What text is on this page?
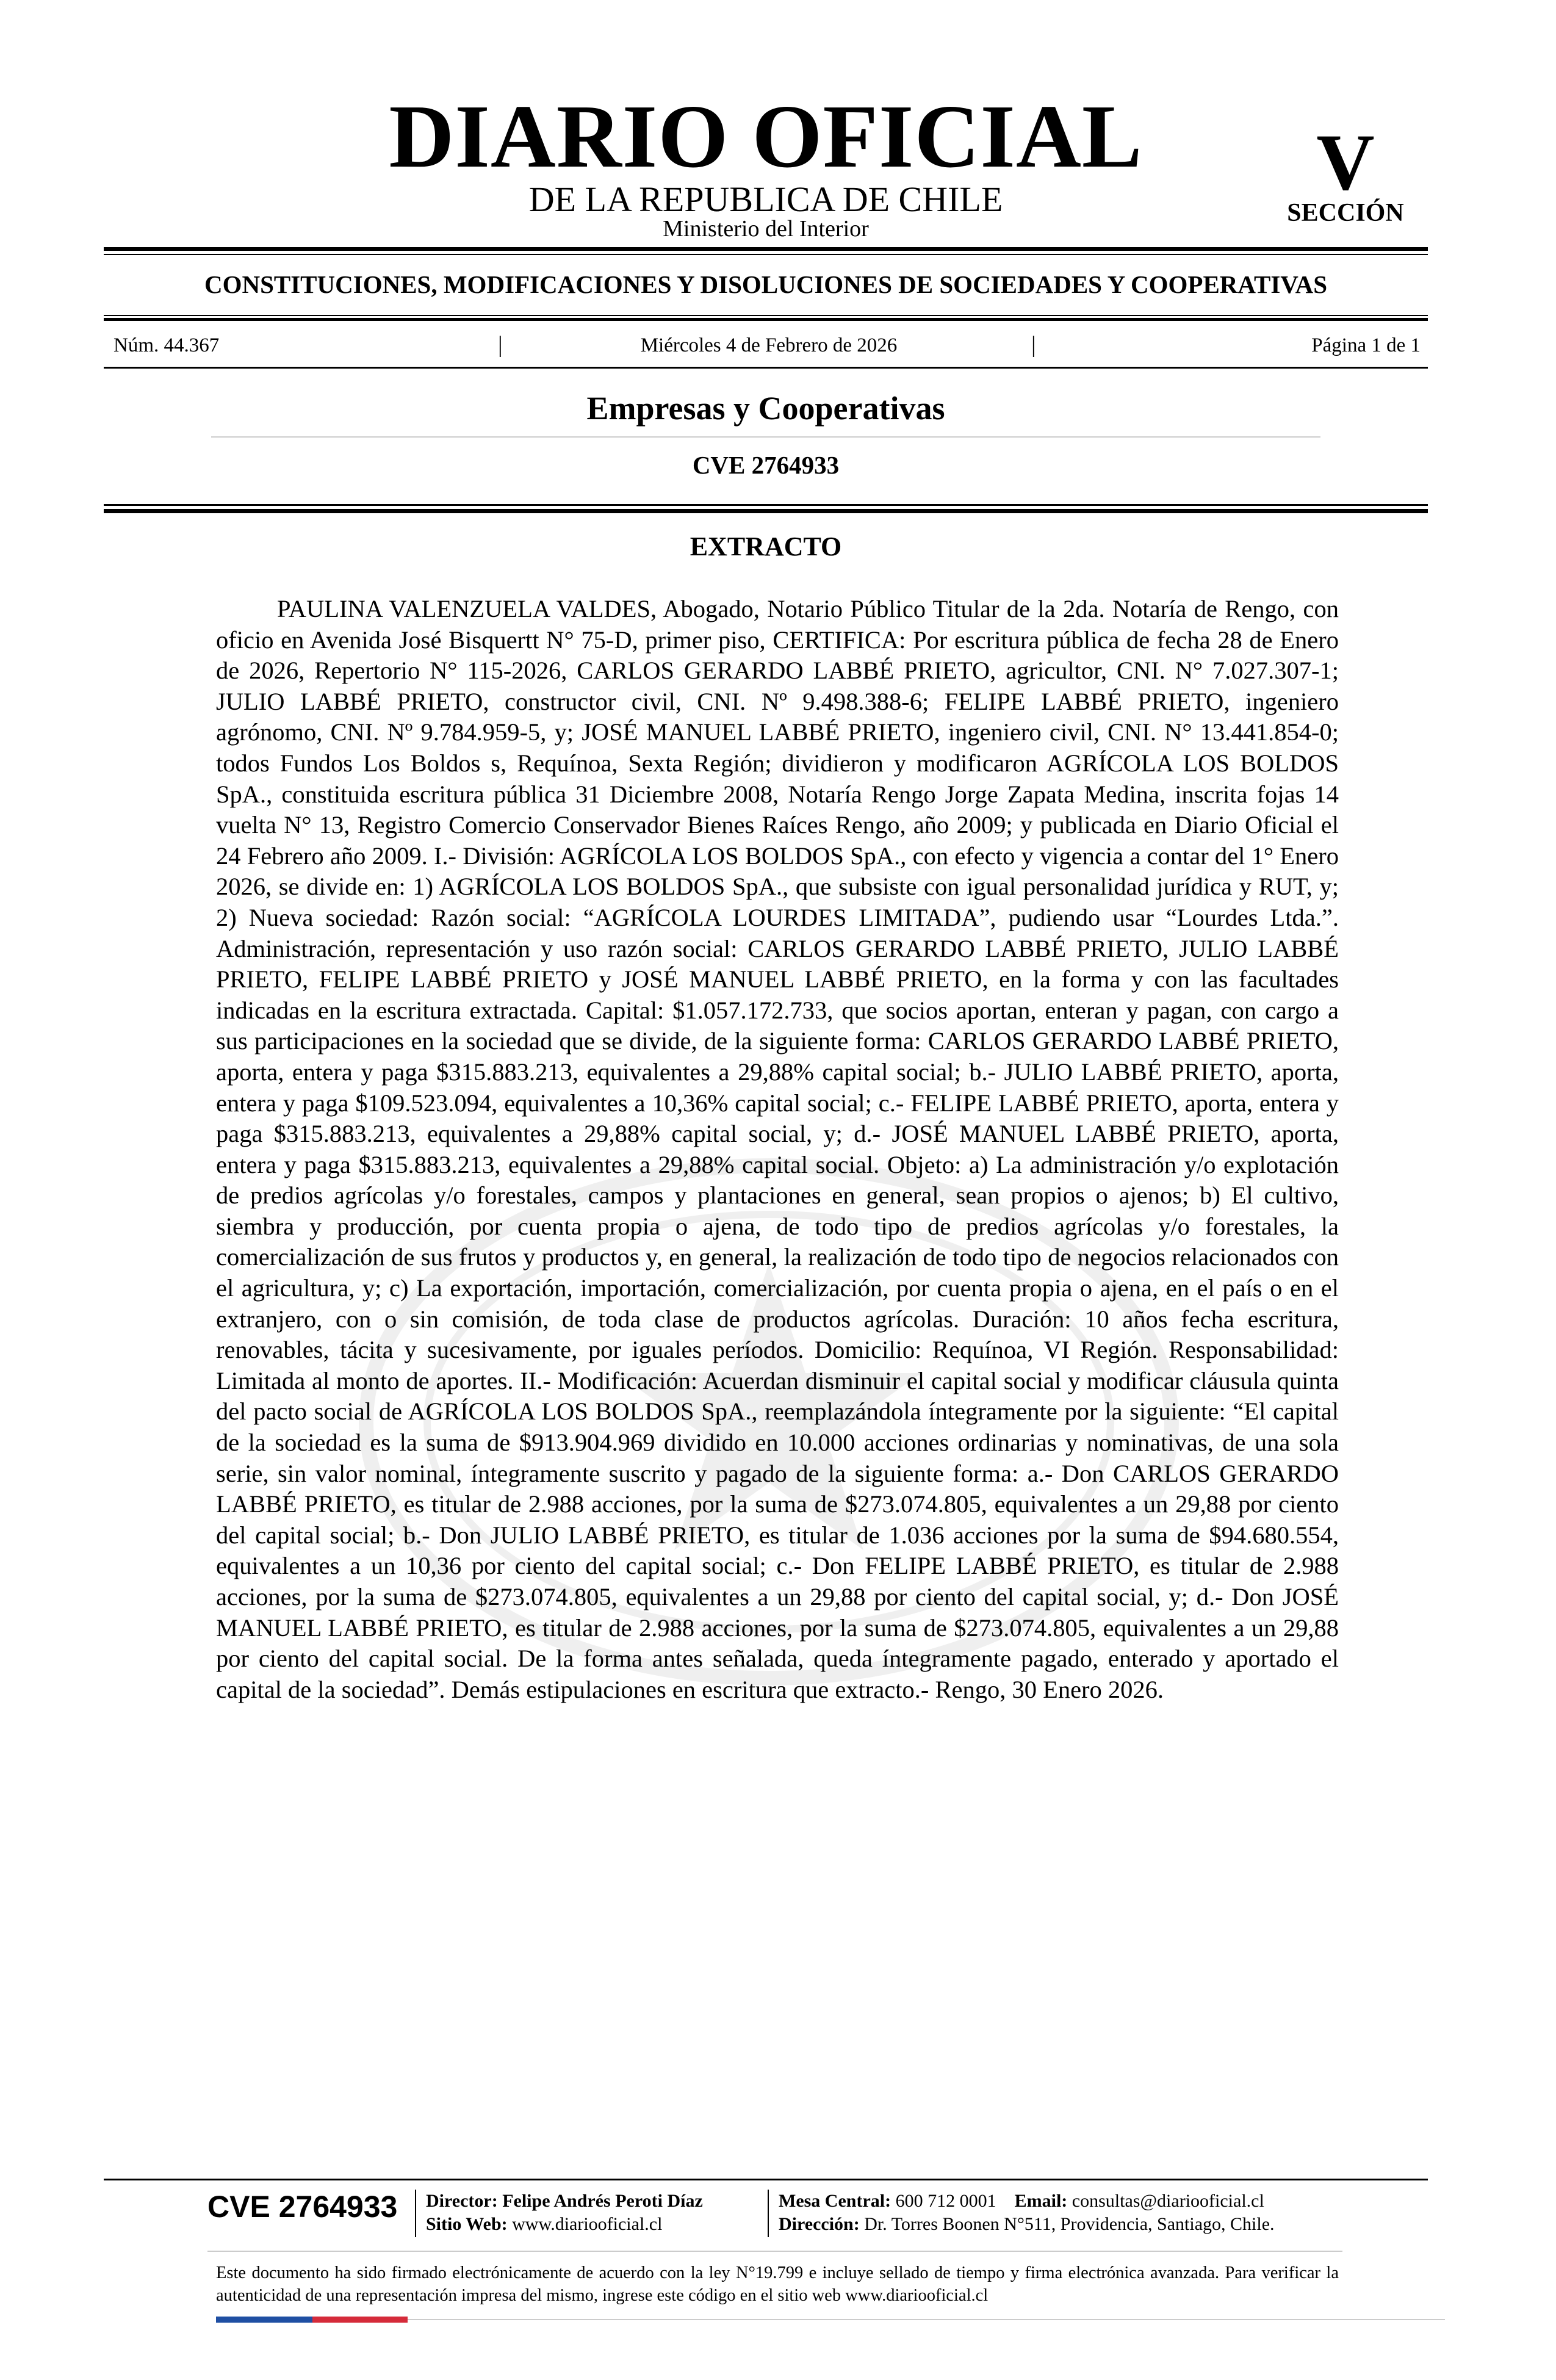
DIARIO OFICIAL
DE LA REPUBLICA DE CHILE
Ministerio del Interior
V
SECCIÓN
CONSTITUCIONES, MODIFICACIONES Y DISOLUCIONES DE SOCIEDADES Y COOPERATIVAS
Núm. 44.367	|	Miércoles 4 de Febrero de 2026	|	Página 1 de 1
Empresas y Cooperativas
CVE 2764933
EXTRACTO

PAULINA VALENZUELA VALDES, Abogado, Notario Público Titular de la 2da. Notaría de Rengo, con oficio en Avenida José Bisquertt N° 75-D, primer piso, CERTIFICA: Por escritura pública de fecha 28 de Enero de 2026, Repertorio N° 115-2026, CARLOS GERARDO LABBÉ PRIETO, agricultor, CNI. N° 7.027.307-1; JULIO LABBÉ PRIETO, constructor civil, CNI. Nº 9.498.388-6; FELIPE LABBÉ PRIETO, ingeniero agrónomo, CNI. Nº 9.784.959-5, y; JOSÉ MANUEL LABBÉ PRIETO, ingeniero civil, CNI. N° 13.441.854-0; todos Fundos Los Boldos s, Requínoa, Sexta Región; dividieron y modificaron AGRÍCOLA LOS BOLDOS SpA., constituida escritura pública 31 Diciembre 2008, Notaría Rengo Jorge Zapata Medina, inscrita fojas 14 vuelta N° 13, Registro Comercio Conservador Bienes Raíces Rengo, año 2009; y publicada en Diario Oficial el 24 Febrero año 2009. I.- División: AGRÍCOLA LOS BOLDOS SpA., con efecto y vigencia a contar del 1° Enero 2026, se divide en: 1) AGRÍCOLA LOS BOLDOS SpA., que subsiste con igual personalidad jurídica y RUT, y; 2) Nueva sociedad: Razón social: “AGRÍCOLA LOURDES LIMITADA”, pudiendo usar “Lourdes Ltda.”. Administración, representación y uso razón social: CARLOS GERARDO LABBÉ PRIETO, JULIO LABBÉ PRIETO, FELIPE LABBÉ PRIETO y JOSÉ MANUEL LABBÉ PRIETO, en la forma y con las facultades indicadas en la escritura extractada. Capital: $1.057.172.733, que socios aportan, enteran y pagan, con cargo a sus participaciones en la sociedad que se divide, de la siguiente forma: CARLOS GERARDO LABBÉ PRIETO, aporta, entera y paga $315.883.213, equivalentes a 29,88% capital social; b.- JULIO LABBÉ PRIETO, aporta, entera y paga $109.523.094, equivalentes a 10,36% capital social; c.- FELIPE LABBÉ PRIETO, aporta, entera y paga $315.883.213, equivalentes a 29,88% capital social, y; d.- JOSÉ MANUEL LABBÉ PRIETO, aporta, entera y paga $315.883.213, equivalentes a 29,88% capital social. Objeto: a) La administración y/o explotación de predios agrícolas y/o forestales, campos y plantaciones en general, sean propios o ajenos; b) El cultivo, siembra y producción, por cuenta propia o ajena, de todo tipo de predios agrícolas y/o forestales, la comercialización de sus frutos y productos y, en general, la realización de todo tipo de negocios relacionados con el agricultura, y; c) La exportación, importación, comercialización, por cuenta propia o ajena, en el país o en el extranjero, con o sin comisión, de toda clase de productos agrícolas. Duración: 10 años fecha escritura, renovables, tácita y sucesivamente, por iguales períodos. Domicilio: Requínoa, VI Región. Responsabilidad: Limitada al monto de aportes. II.- Modificación: Acuerdan disminuir el capital social y modificar cláusula quinta del pacto social de AGRÍCOLA LOS BOLDOS SpA., reemplazándola íntegramente por la siguiente: “El capital de la sociedad es la suma de $913.904.969 dividido en 10.000 acciones ordinarias y nominativas, de una sola serie, sin valor nominal, íntegramente suscrito y pagado de la siguiente forma: a.- Don CARLOS GERARDO LABBÉ PRIETO, es titular de 2.988 acciones, por la suma de $273.074.805, equivalentes a un 29,88 por ciento del capital social; b.- Don JULIO LABBÉ PRIETO, es titular de 1.036 acciones por la suma de $94.680.554, equivalentes a un 10,36 por ciento del capital social; c.- Don FELIPE LABBÉ PRIETO, es titular de 2.988 acciones, por la suma de $273.074.805, equivalentes a un 29,88 por ciento del capital social, y; d.- Don JOSÉ MANUEL LABBÉ PRIETO, es titular de 2.988 acciones, por la suma de $273.074.805, equivalentes a un 29,88 por ciento del capital social. De la forma antes señalada, queda íntegramente pagado, enterado y aportado el capital de la sociedad”. Demás estipulaciones en escritura que extracto.- Rengo, 30 Enero 2026.

CVE 2764933 Director: Felipe Andrés Peroti Díaz
Sitio Web: www.diariooficial.cl
Mesa Central: 600 712 0001 Email: consultas@diariooficial.cl
Dirección: Dr. Torres Boonen N°511, Providencia, Santiago, Chile.

Este documento ha sido firmado electrónicamente de acuerdo con la ley N°19.799 e incluye sellado de tiempo y firma electrónica avanzada. Para verificar la autenticidad de una representación impresa del mismo, ingrese este código en el sitio web www.diariooficial.cl
